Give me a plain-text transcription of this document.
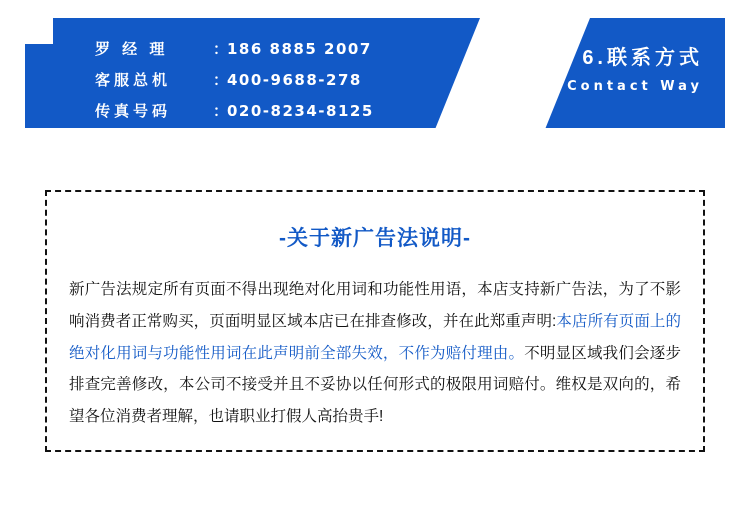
罗 经 理	：
186 8885 2007
客服总机	：
400-9688-278
传真号码	：
020-8234-8125
6.联系方式
Contact Way
-关于新广告法说明-
新广告法规定所有页面不得出现绝对化用词和功能性用语，本店支持新广告法，为了不影响消费者正常购买，页面明显区域本店已在排查修改，并在此郑重声明:本店所有页面上的绝对化用词与功能性用词在此声明前全部失效，不作为赔付理由。不明显区域我们会逐步排查完善修改，本公司不接受并且不妥协以任何形式的极限用词赔付。维权是双向的，希望各位消费者理解，也请职业打假人高抬贵手!
